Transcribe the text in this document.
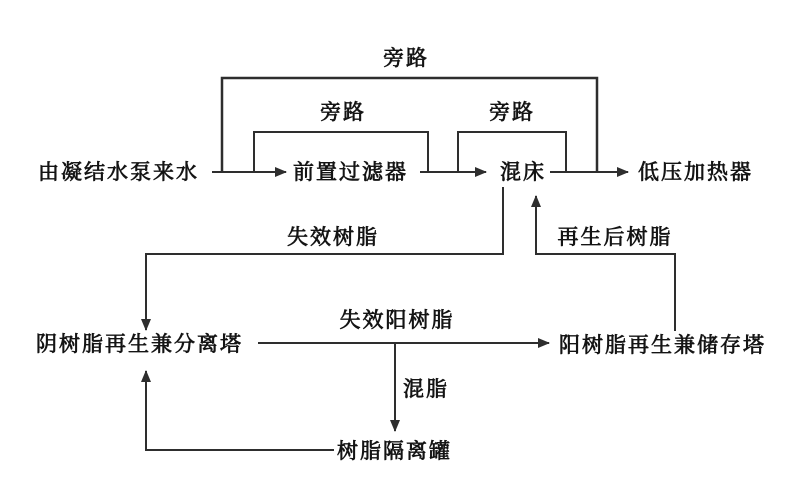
由凝结水泵来水	前置过滤器	混床	低压加热器
阴树脂再生兼分离塔	阳树脂再生兼储存塔
树脂隔离罐
旁路
旁路	旁路
失效树脂	再生后树脂
失效阳树脂
混脂
